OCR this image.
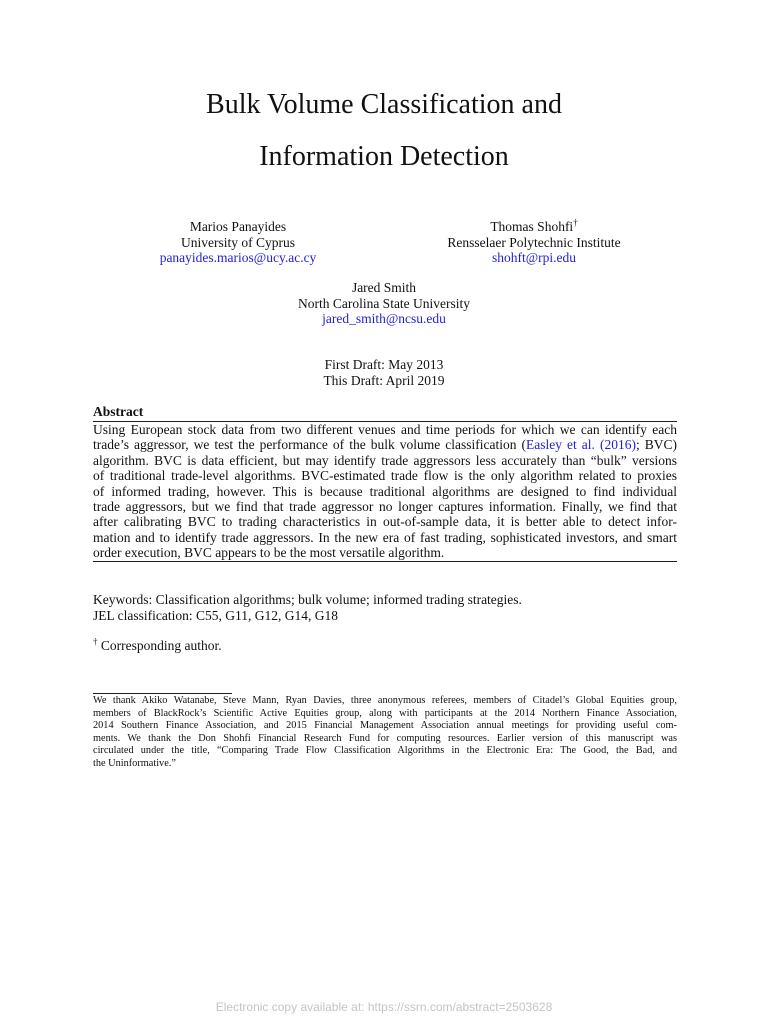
Bulk Volume Classification and
Information Detection
Marios Panayides
University of Cyprus
panayides.marios@ucy.ac.cy
Thomas Shohfi†
Rensselaer Polytechnic Institute
shohft@rpi.edu
Jared Smith
North Carolina State University
jared_smith@ncsu.edu
First Draft: May 2013
This Draft: April 2019
Abstract
Using European stock data from two different venues and time periods for which we can identify each
trade’s aggressor, we test the performance of the bulk volume classification (Easley et al. (2016); BVC)
algorithm. BVC is data efficient, but may identify trade aggressors less accurately than “bulk” versions
of traditional trade-level algorithms. BVC-estimated trade flow is the only algorithm related to proxies
of informed trading, however. This is because traditional algorithms are designed to find individual
trade aggressors, but we find that trade aggressor no longer captures information. Finally, we find that
after calibrating BVC to trading characteristics in out-of-sample data, it is better able to detect infor-
mation and to identify trade aggressors. In the new era of fast trading, sophisticated investors, and smart
order execution, BVC appears to be the most versatile algorithm.
Keywords: Classification algorithms; bulk volume; informed trading strategies.
JEL classification: C55, G11, G12, G14, G18
† Corresponding author.
We thank Akiko Watanabe, Steve Mann, Ryan Davies, three anonymous referees, members of Citadel’s Global Equities group,
members of BlackRock’s Scientific Active Equities group, along with participants at the 2014 Northern Finance Association,
2014 Southern Finance Association, and 2015 Financial Management Association annual meetings for providing useful com-
ments. We thank the Don Shohfi Financial Research Fund for computing resources. Earlier version of this manuscript was
circulated under the title, “Comparing Trade Flow Classification Algorithms in the Electronic Era: The Good, the Bad, and
the Uninformative.”
Electronic copy available at: https://ssrn.com/abstract=2503628
